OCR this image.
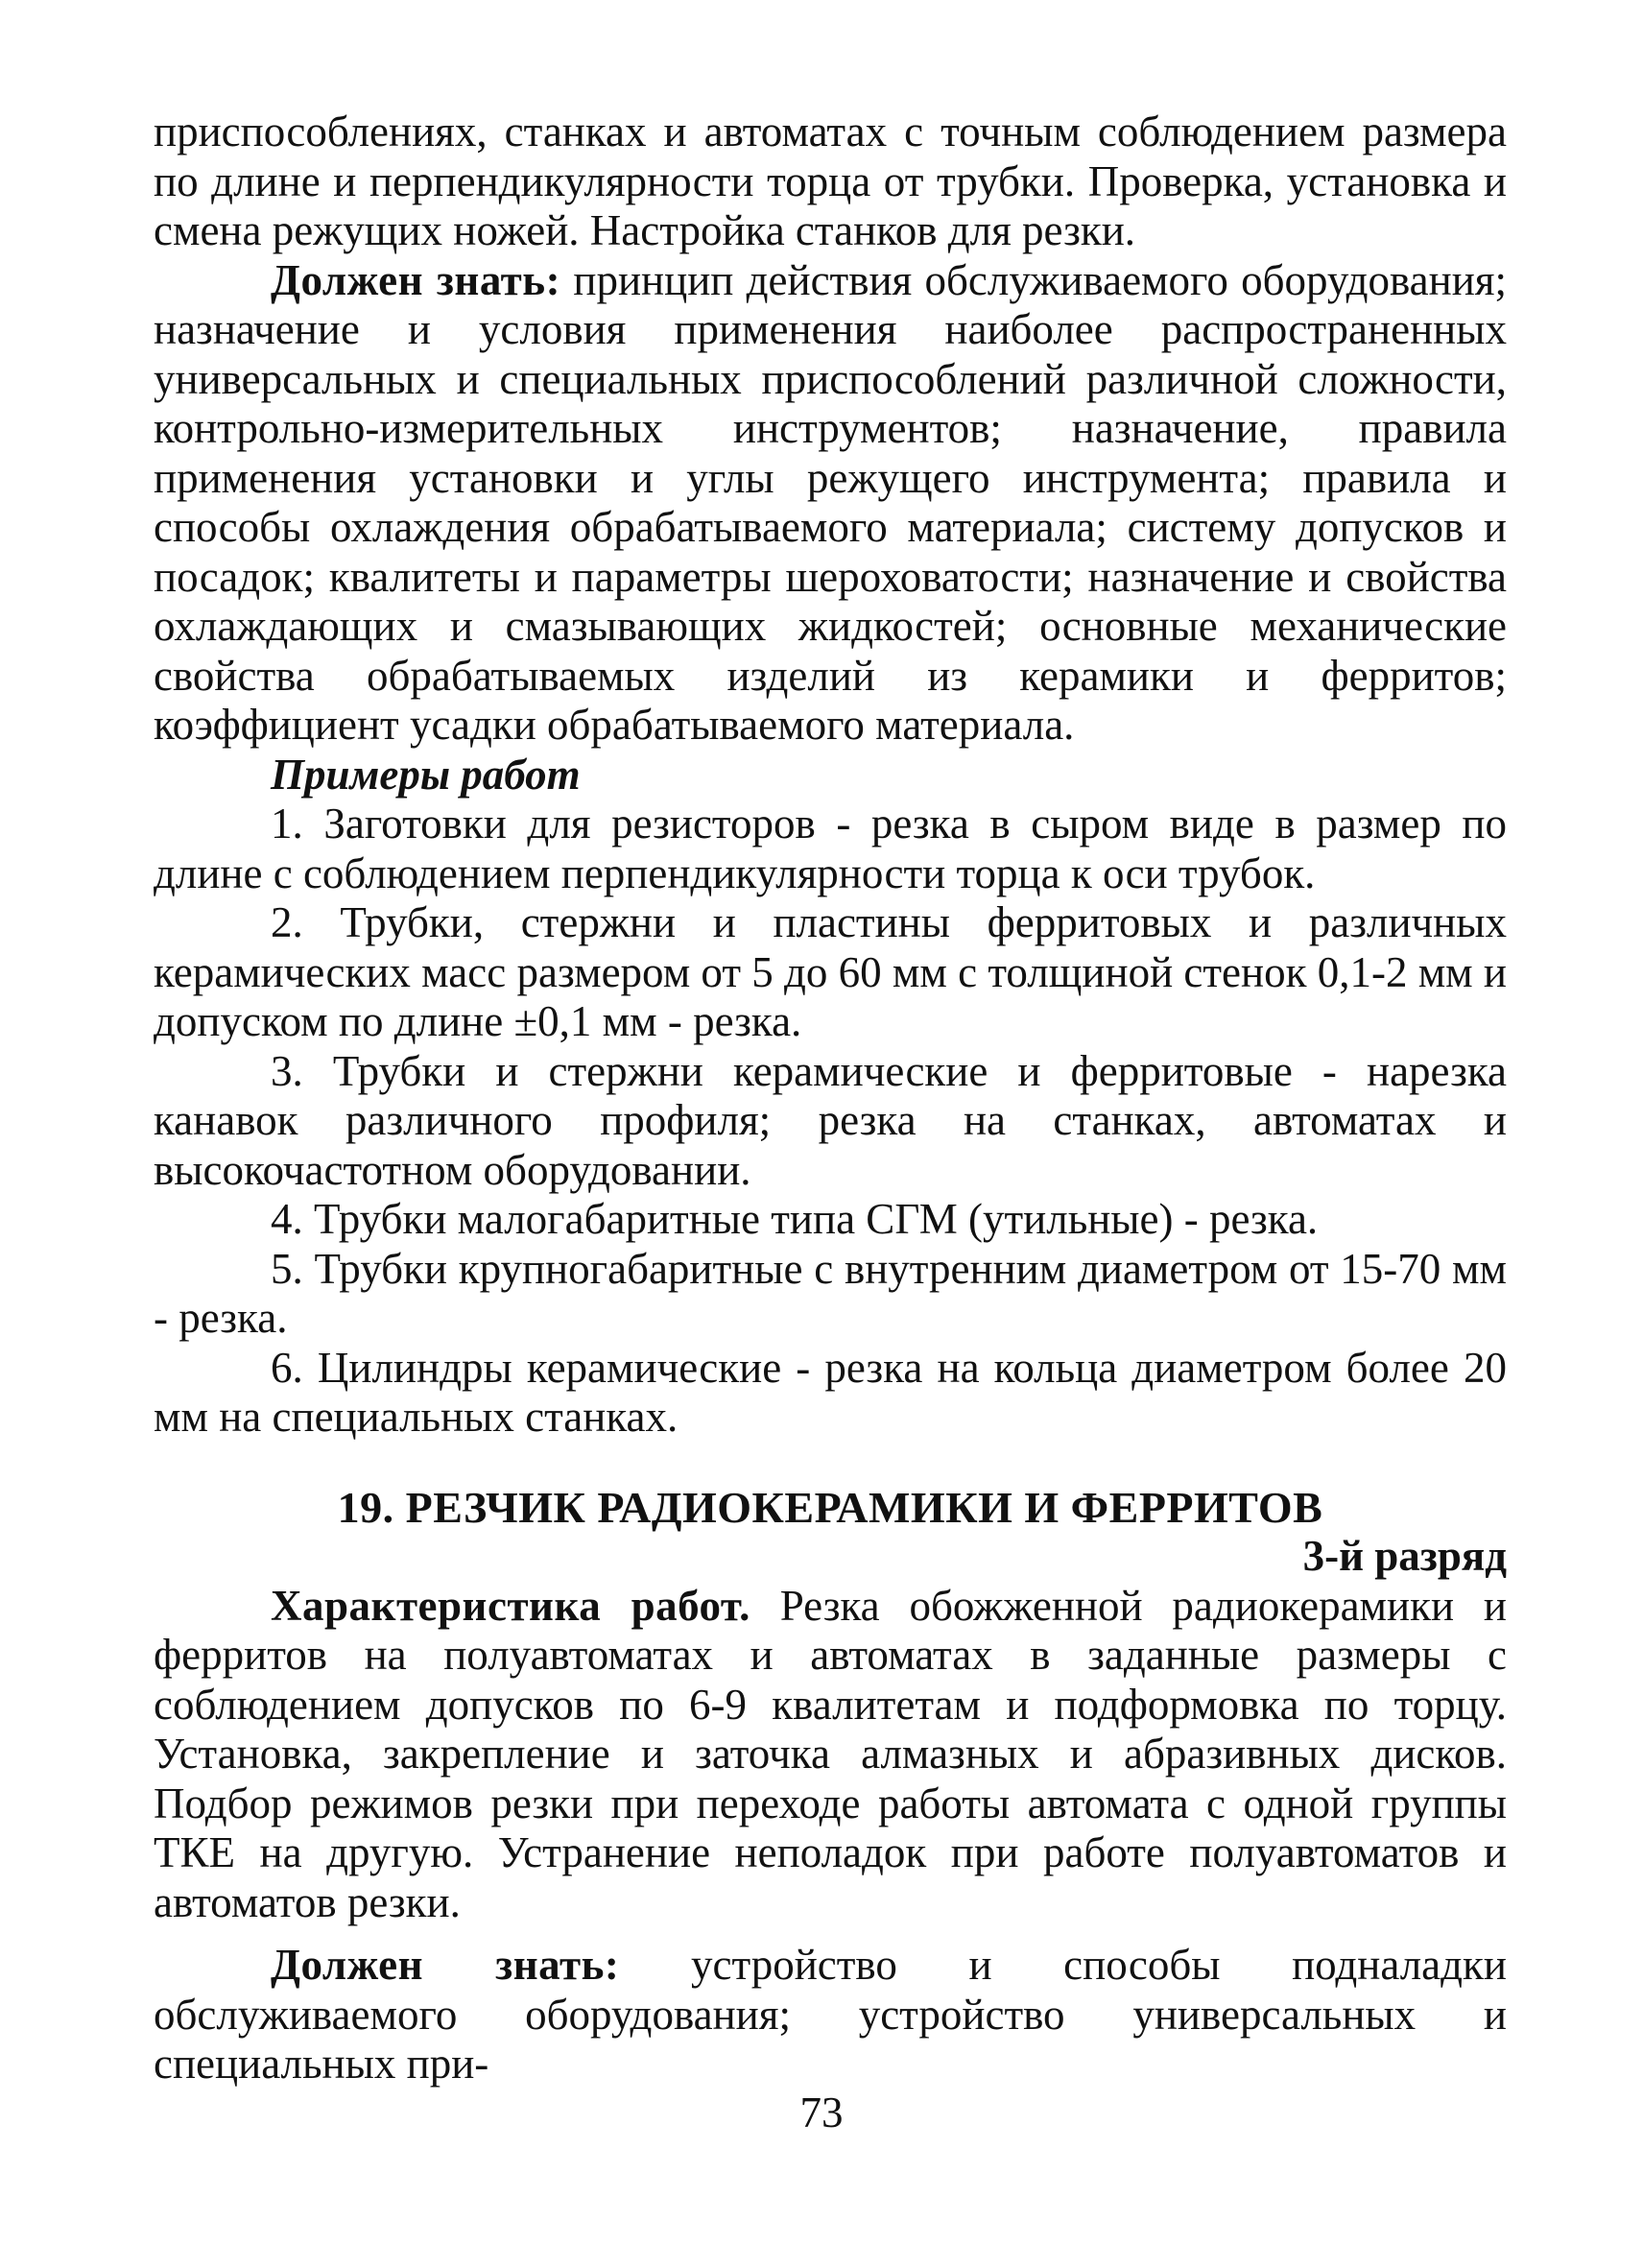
приспособлениях, станках и автоматах с точным соблюдением размера по длине и перпендикулярности торца от трубки. Проверка, установка и смена режущих ножей. Настройка станков для резки.

Должен знать: принцип действия обслуживаемого оборудования; назначение и условия применения наиболее распространенных универсальных и специальных приспособлений различной сложности, контрольно-измерительных инструментов; назначение, правила применения установки и углы режущего инструмента; правила и способы охлаждения обрабатываемого материала; систему допусков и посадок; квалитеты и параметры шероховатости; назначение и свойства охлаждающих и смазывающих жидкостей; основные механические свойства обрабатываемых изделий из керамики и ферритов; коэффициент усадки обрабатываемого материала.

Примеры работ

1. Заготовки для резисторов - резка в сыром виде в размер по длине с соблюдением перпендикулярности торца к оси трубок.

2. Трубки, стержни и пластины ферритовых и различных керамических масс размером от 5 до 60 мм с толщиной стенок 0,1-2 мм и допуском по длине ±0,1 мм - резка.

3. Трубки и стержни керамические и ферритовые - нарезка канавок различного профиля; резка на станках, автоматах и высокочастотном оборудовании.

4. Трубки малогабаритные типа СГМ (утильные) - резка.

5. Трубки крупногабаритные с внутренним диаметром от 15-70 мм - резка.

6. Цилиндры керамические - резка на кольца диаметром более 20 мм на специальных станках.

19. РЕЗЧИК РАДИОКЕРАМИКИ И ФЕРРИТОВ

3-й разряд

Характеристика работ. Резка обожженной радиокерамики и ферритов на полуавтоматах и автоматах в заданные размеры с соблюдением допусков по 6-9 квалитетам и подформовка по торцу. Установка, закрепление и заточка алмазных и абразивных дисков. Подбор режимов резки при переходе работы автомата с одной группы ТКЕ на другую. Устранение неполадок при работе полуавтоматов и автоматов резки.

Должен знать: устройство и способы подналадки обслуживаемого оборудования; устройство универсальных и специальных при-

73
